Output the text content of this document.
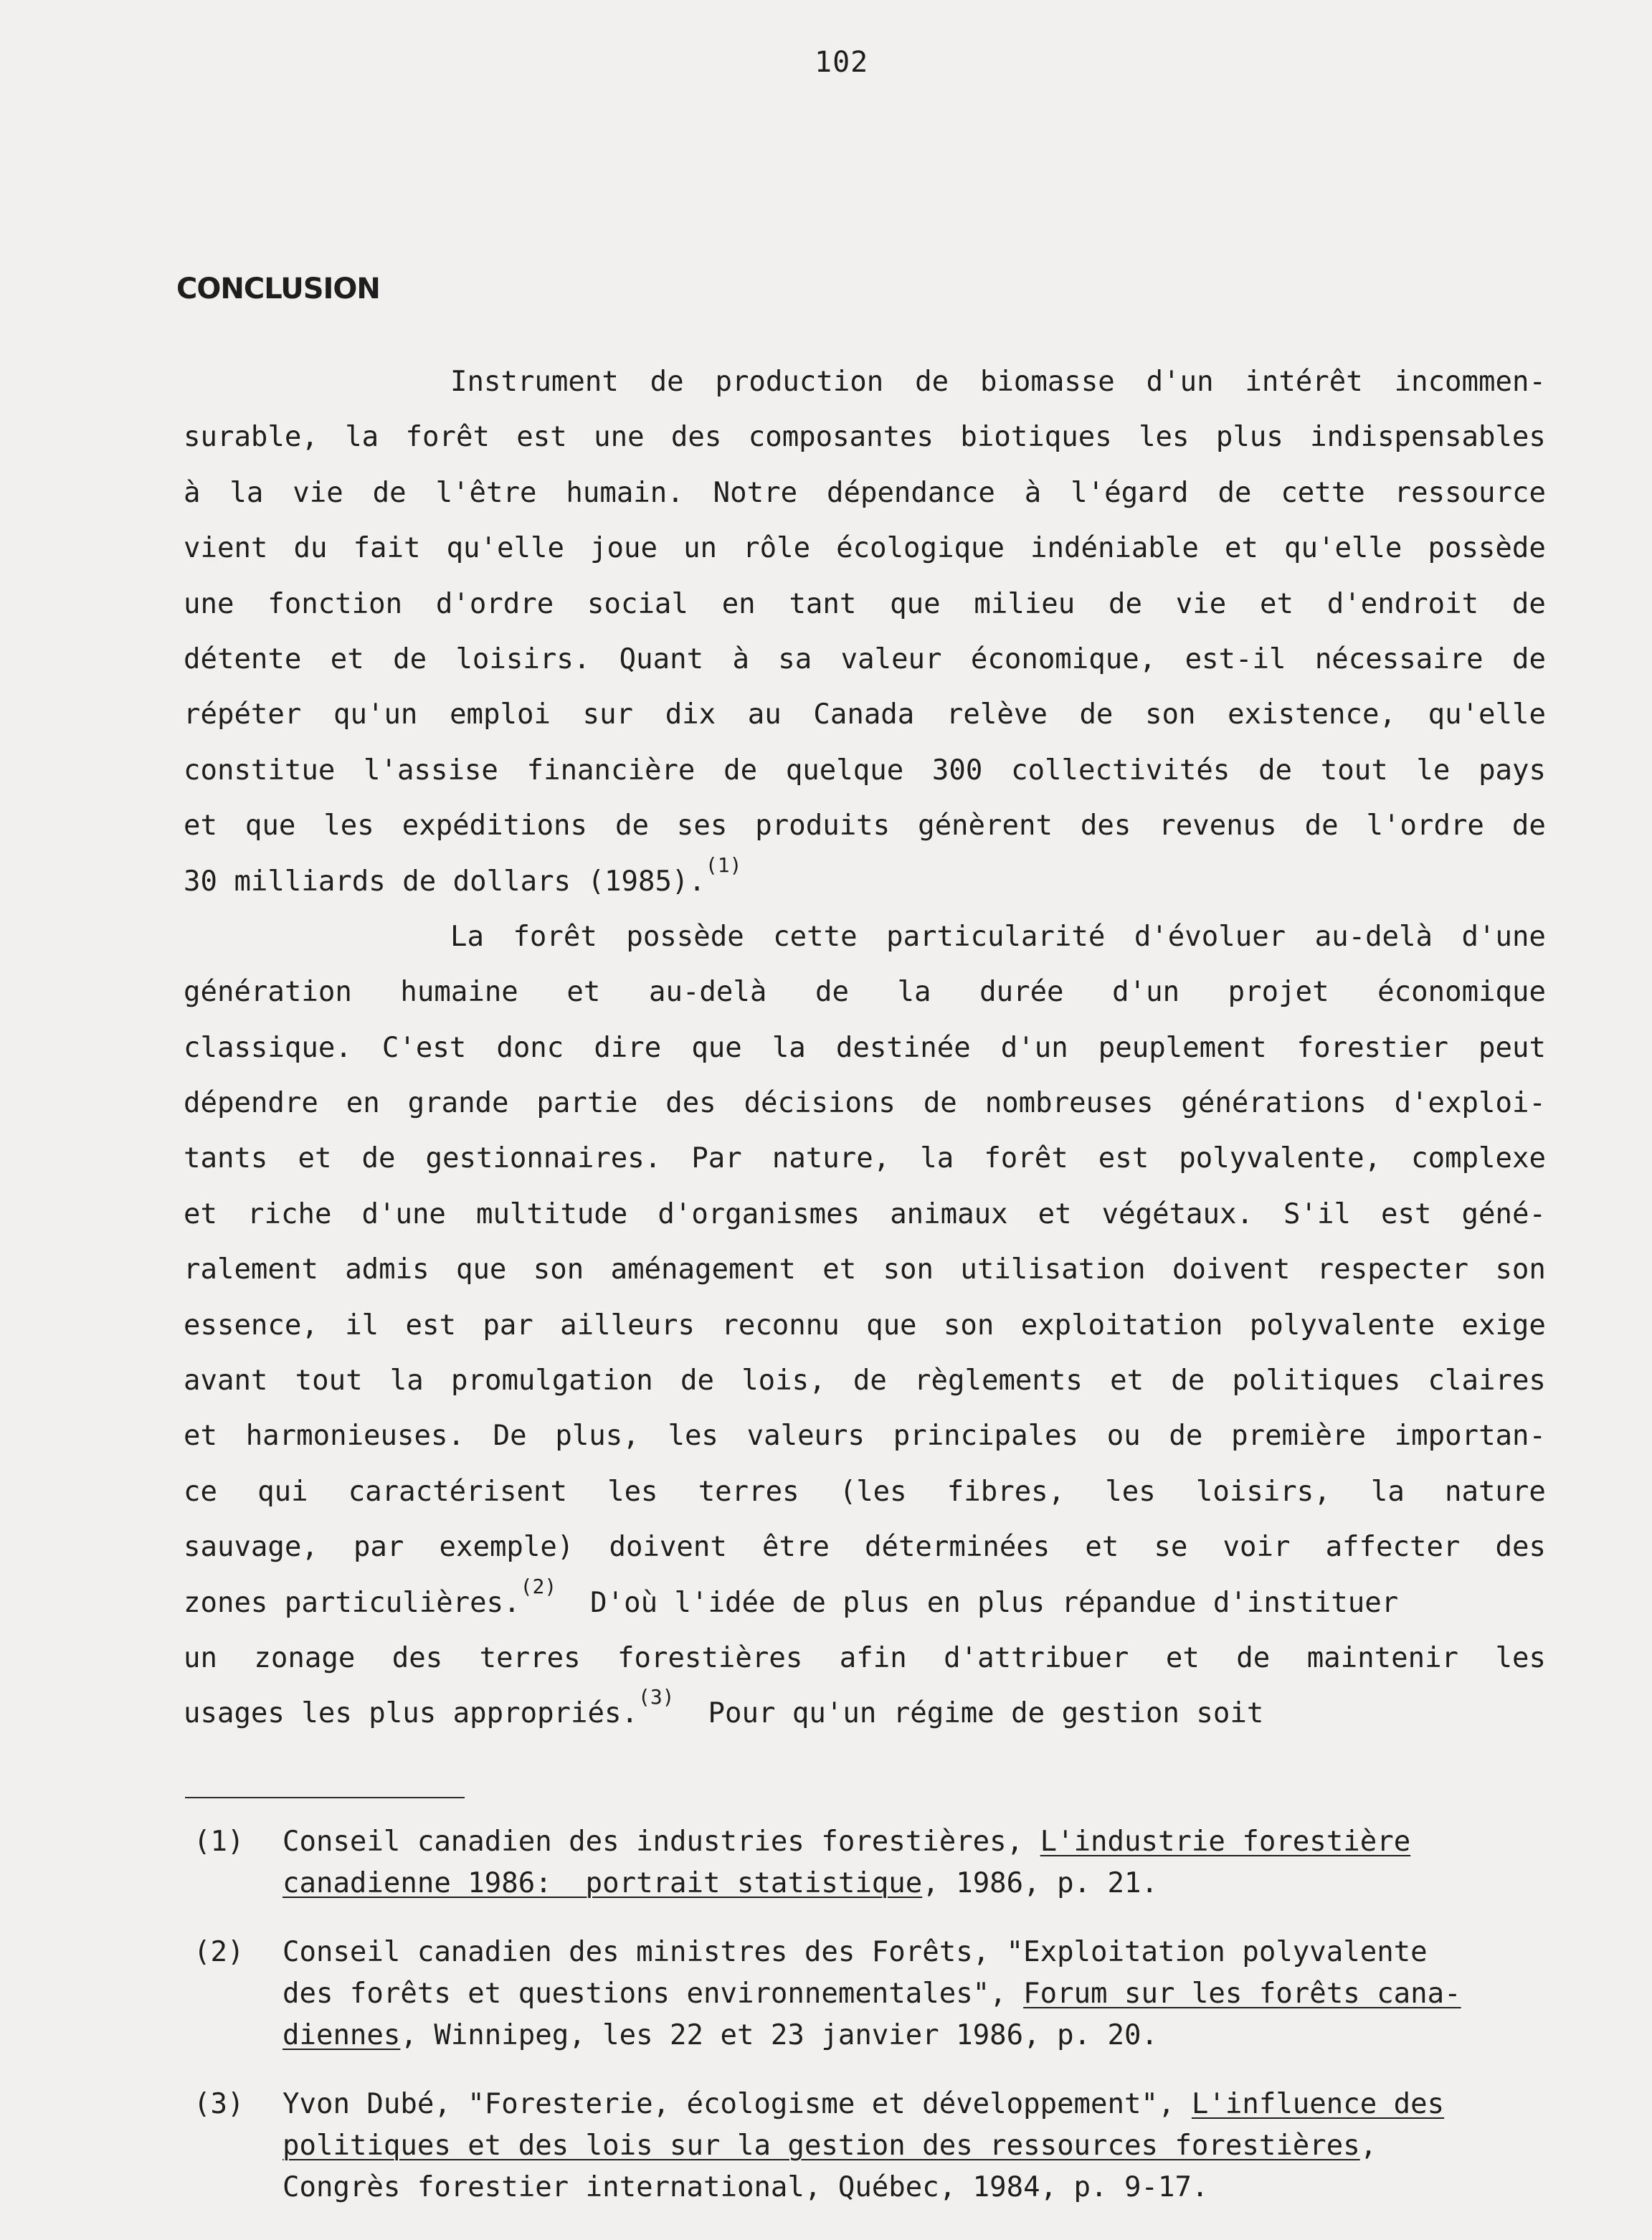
102
CONCLUSION
Instrument de production de biomasse d'un intérêt incommen-
surable, la forêt est une des composantes biotiques les plus indispensables
à la vie de l'être humain. Notre dépendance à l'égard de cette ressource
vient du fait qu'elle joue un rôle écologique indéniable et qu'elle possède
une fonction d'ordre social en tant que milieu de vie et d'endroit de
détente et de loisirs. Quant à sa valeur économique, est-il nécessaire de
répéter qu'un emploi sur dix au Canada relève de son existence, qu'elle
constitue l'assise financière de quelque 300 collectivités de tout le pays
et que les expéditions de ses produits génèrent des revenus de l'ordre de
30 milliards de dollars (1985).
(1)
La forêt possède cette particularité d'évoluer au-delà d'une
génération humaine et au-delà de la durée d'un projet économique
classique. C'est donc dire que la destinée d'un peuplement forestier peut
dépendre en grande partie des décisions de nombreuses générations d'exploi-
tants et de gestionnaires. Par nature, la forêt est polyvalente, complexe
et riche d'une multitude d'organismes animaux et végétaux. S'il est géné-
ralement admis que son aménagement et son utilisation doivent respecter son
essence, il est par ailleurs reconnu que son exploitation polyvalente exige
avant tout la promulgation de lois, de règlements et de politiques claires
et harmonieuses. De plus, les valeurs principales ou de première importan-
ce qui caractérisent les terres (les fibres, les loisirs, la nature
sauvage, par exemple) doivent être déterminées et se voir affecter des
zones particulières.
(2)
D'où l'idée de plus en plus répandue d'instituer
un zonage des terres forestières afin d'attribuer et de maintenir les
usages les plus appropriés.
(3)
Pour qu'un régime de gestion soit
(1)	Conseil canadien des industries forestières, L'industrie forestière
canadienne 1986:  portrait statistique, 1986, p. 21.
(2)	Conseil canadien des ministres des Forêts, "Exploitation polyvalente
des forêts et questions environnementales", Forum sur les forêts cana-
diennes, Winnipeg, les 22 et 23 janvier 1986, p. 20.
(3)	Yvon Dubé, "Foresterie, écologisme et développement", L'influence des
politiques et des lois sur la gestion des ressources forestières,
Congrès forestier international, Québec, 1984, p. 9-17.
